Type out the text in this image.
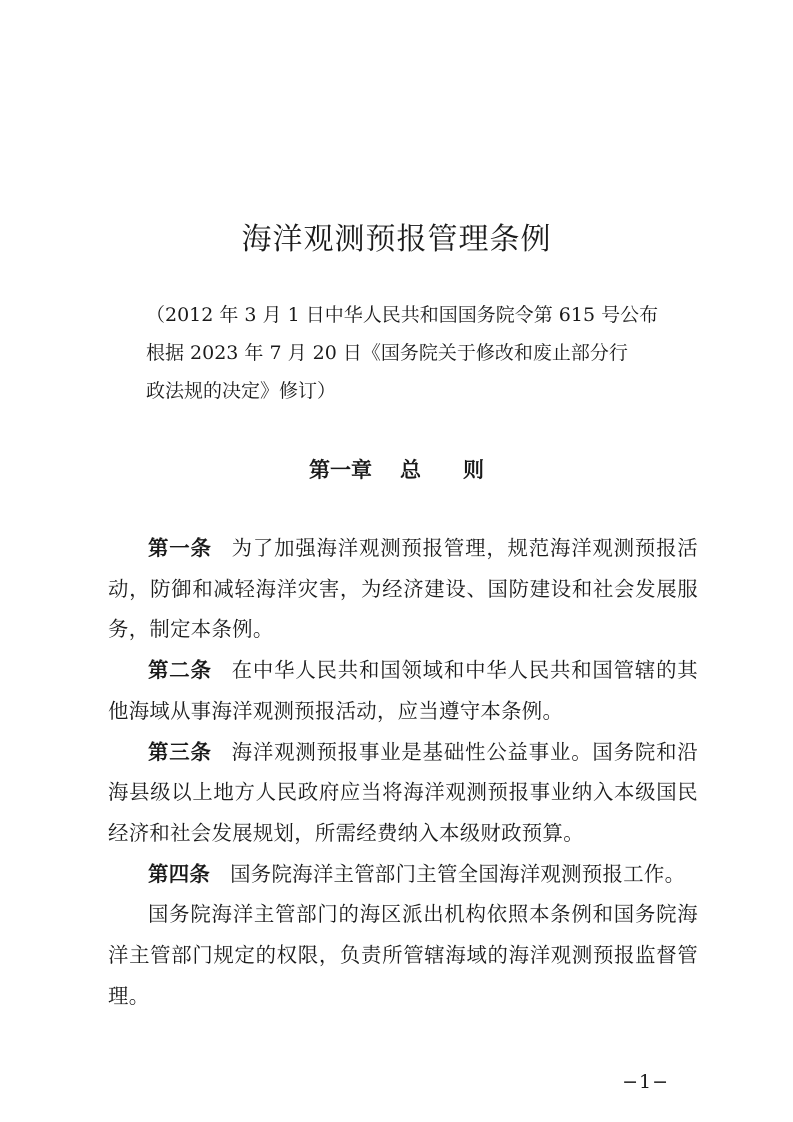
海洋观测预报管理条例
（2012 年 3 月 1 日中华人民共和国国务院令第 615 号公布
根据 2023 年 7 月 20 日《国务院关于修改和废止部分行
政法规的决定》修订）
第一章 总 则

第一条 为了加强海洋观测预报管理，规范海洋观测预报活动，防御和减轻海洋灾害，为经济建设、国防建设和社会发展服务，制定本条例。

第二条 在中华人民共和国领域和中华人民共和国管辖的其他海域从事海洋观测预报活动，应当遵守本条例。

第三条 海洋观测预报事业是基础性公益事业。国务院和沿海县级以上地方人民政府应当将海洋观测预报事业纳入本级国民经济和社会发展规划，所需经费纳入本级财政预算。

第四条 国务院海洋主管部门主管全国海洋观测预报工作。

国务院海洋主管部门的海区派出机构依照本条例和国务院海洋主管部门规定的权限，负责所管辖海域的海洋观测预报监督管理。

−1−
